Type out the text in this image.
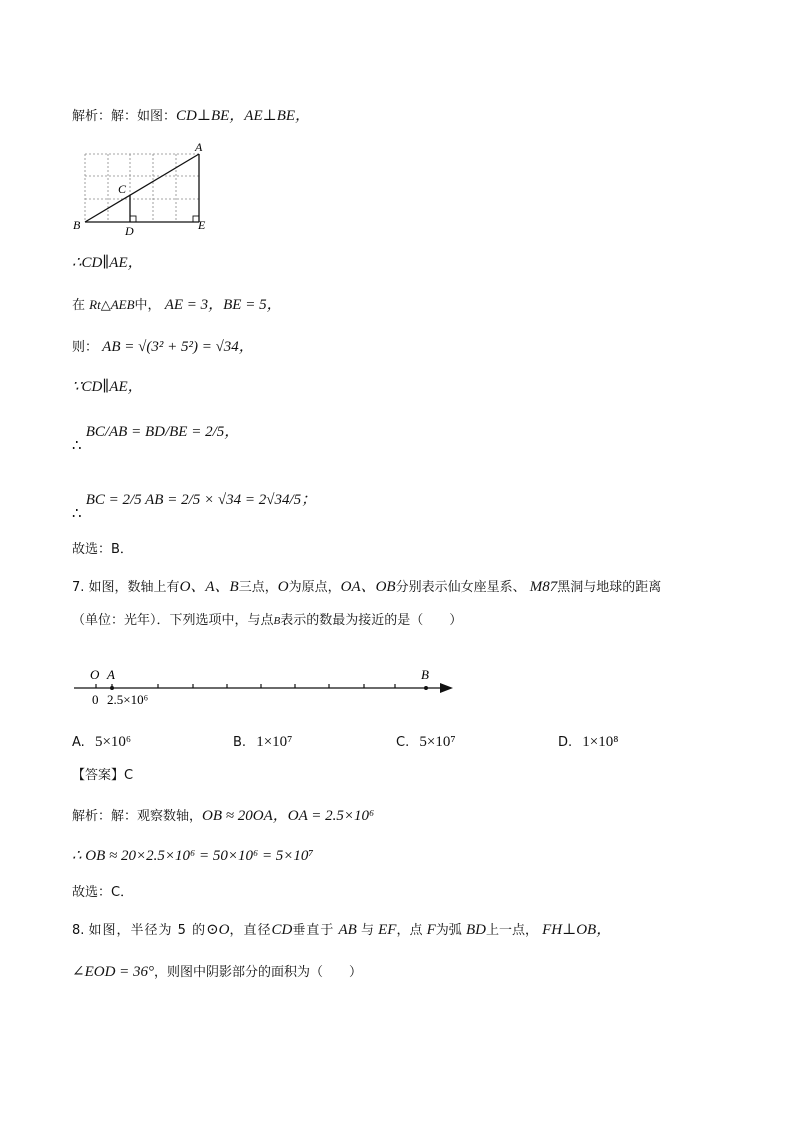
解析：解：如图：CD⊥BE，AE⊥BE，
A
B
C
D	E
∴CD∥AE，
在 Rt△AEB中， AE = 3，BE = 5，
则： AB = √(3² + 5²) = √34，
∵CD∥AE，
∴ BC/AB = BD/BE = 2/5，
∴ BC = 2/5 AB = 2/5 × √34 = 2√34/5；
故选：B．
7. 如图，数轴上有O、A、B三点，O为原点，OA、OB分别表示仙女座星系、 M87黑洞与地球的距离
（单位：光年）．下列选项中，与点B表示的数最为接近的是（　　）
O A	B
0 2.5×10⁶
A. 5×10⁶	B. 1×10⁷	C. 5×10⁷	D. 1×10⁸
【答案】C
解析：解：观察数轴，OB ≈ 20OA，OA = 2.5×10⁶
∴ OB ≈ 20×2.5×10⁶ = 50×10⁶ = 5×10⁷
故选：C．
8. 如图，半径为 5 的⊙O，直径CD垂直于 AB 与 EF，点 F为弧 BD上一点， FH⊥OB，
∠EOD = 36°，则图中阴影部分的面积为（　　）
